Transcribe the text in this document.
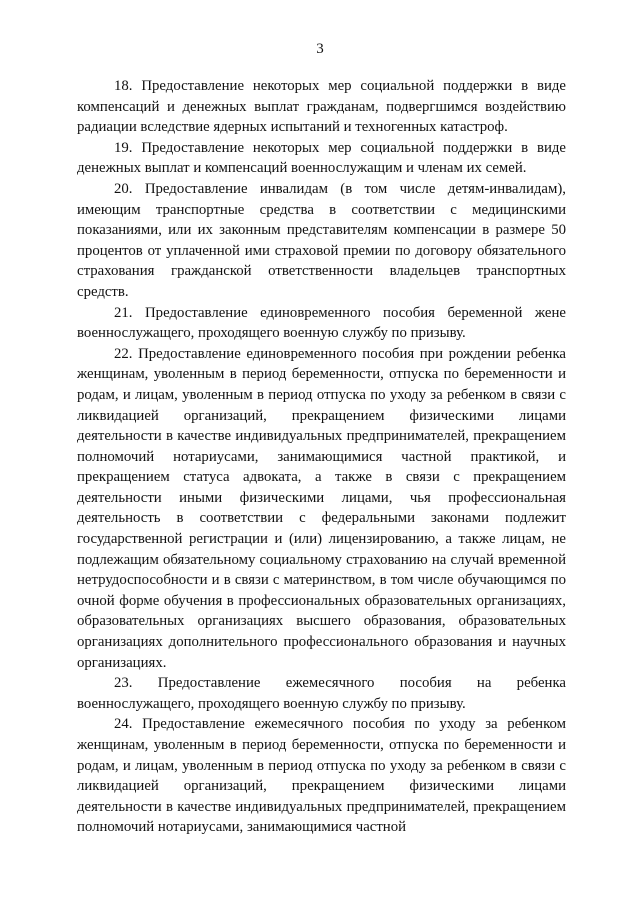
3

18. Предоставление некоторых мер социальной поддержки в виде компенсаций и денежных выплат гражданам, подвергшимся воздействию радиации вследствие ядерных испытаний и техногенных катастроф.

19. Предоставление некоторых мер социальной поддержки в виде денежных выплат и компенсаций военнослужащим и членам их семей.

20. Предоставление инвалидам (в том числе детям-инвалидам), имеющим транспортные средства в соответствии с медицинскими показаниями, или их законным представителям компенсации в размере 50 процентов от уплаченной ими страховой премии по договору обязательного страхования гражданской ответственности владельцев транспортных средств.

21. Предоставление единовременного пособия беременной жене военнослужащего, проходящего военную службу по призыву.

22. Предоставление единовременного пособия при рождении ребенка женщинам, уволенным в период беременности, отпуска по беременности и родам, и лицам, уволенным в период отпуска по уходу за ребенком в связи с ликвидацией организаций, прекращением физическими лицами деятельности в качестве индивидуальных предпринимателей, прекращением полномочий нотариусами, занимающимися частной практикой, и прекращением статуса адвоката, а также в связи с прекращением деятельности иными физическими лицами, чья профессиональная деятельность в соответствии с федеральными законами подлежит государственной регистрации и (или) лицензированию, а также лицам, не подлежащим обязательному социальному страхованию на случай временной нетрудоспособности и в связи с материнством, в том числе обучающимся по очной форме обучения в профессиональных образовательных организациях, образовательных организациях высшего образования, образовательных организациях дополнительного профессионального образования и научных организациях.

23. Предоставление ежемесячного пособия на ребенка военнослужащего, проходящего военную службу по призыву.

24. Предоставление ежемесячного пособия по уходу за ребенком женщинам, уволенным в период беременности, отпуска по беременности и родам, и лицам, уволенным в период отпуска по уходу за ребенком в связи с ликвидацией организаций, прекращением физическими лицами деятельности в качестве индивидуальных предпринимателей, прекращением полномочий нотариусами, занимающимися частной
